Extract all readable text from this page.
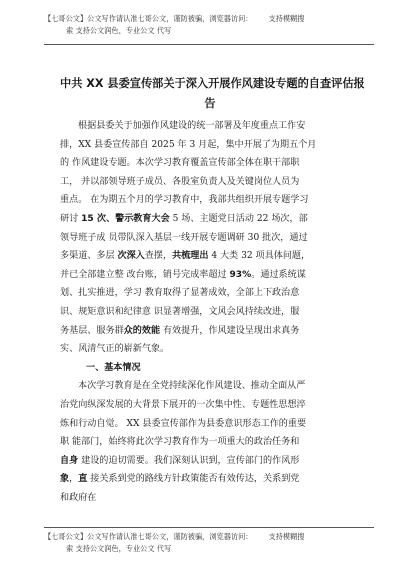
【七哥公文】公文写作请认准七哥公文，谨防被骗，浏览器访问： 支持模糊搜
索 支持公文润色，专业公文 代写
中共 XX 县委宣传部关于深入开展作风建设专题的自查评估报
告

根据县委关于加强作风建设的统一部署及年度重点工作安

排，XX 县委宣传部自 2025 年 3 月起，集中开展了为期五个月

的 作风建设专题。本次学习教育覆盖宣传部全体在职干部职

工， 并以部领导班子成员、各股室负责人及关键岗位人员为

重点。 在为期五个月的学习教育中，我部共组织开展专题学习

研讨 15 次、警示教育大会 5 场、主题党日活动 22 场次，部

领导班子成 员带队深入基层一线开展专题调研 30 批次，通过

多渠道、多层 次深入查摆，共梳理出 4 大类 32 项具体问题，

并已全部建立整 改台账，销号完成率超过 93%。通过系统谋

划、扎实推进，学习 教育取得了显著成效，全部上下政治意

识、规矩意识和纪律意 识显著增强，文风会风持续改进，服

务基层、服务群众的效能 有效提升，作风建设呈现出求真务

实、风清气正的崭新气象。

一、基本情况

本次学习教育是在全党持续深化作风建设、推动全面从严

治党向纵深发展的大背景下展开的一次集中性、专题性思想淬

炼和行动自觉。 XX 县委宣传部作为县委意识形态工作的重要

职 能部门，始终将此次学习教育作为一项重大的政治任务和

自身 建设的迫切需要。我们深刻认识到，宣传部门的作风形

象，直 接关系到党的路线方针政策能否有效传达，关系到党

和政府在

【七哥公文】公文写作请认准七哥公文，谨防被骗，浏览器访问： 支持模糊搜
索 支持公文润色，专业公文 代写
